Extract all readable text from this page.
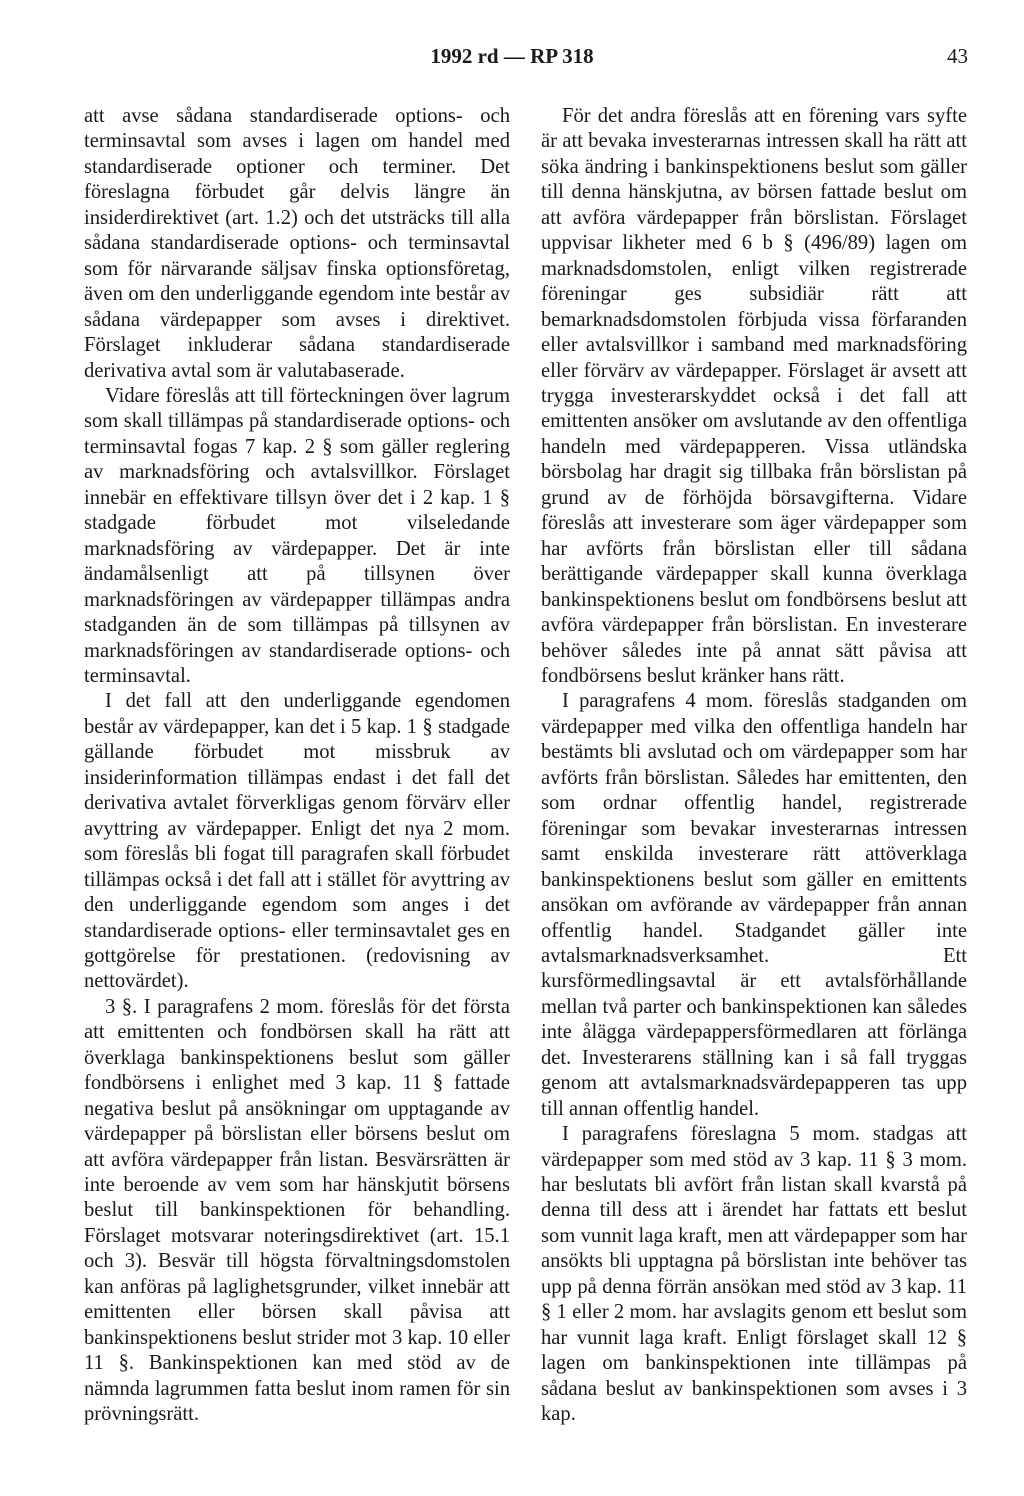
1992 rd — RP 318	43

att avse sådana standardiserade options- och terminsavtal som avses i lagen om handel med standardiserade optioner och terminer. Det föreslagna förbudet går delvis längre än insiderdirektivet (art. 1.2) och det utsträcks till alla sådana standardiserade options- och terminsavtal som för närvarande säljsav finska optionsföretag, även om den underliggande egendom inte består av sådana värdepapper som avses i direktivet. Förslaget inkluderar sådana standardiserade derivativa avtal som är valutabaserade.

Vidare föreslås att till förteckningen över lagrum som skall tillämpas på standardiserade options- och terminsavtal fogas 7 kap. 2 § som gäller reglering av marknadsföring och avtalsvillkor. Förslaget innebär en effektivare tillsyn över det i 2 kap. 1 § stadgade förbudet mot vilseledande marknadsföring av värdepapper. Det är inte ändamålsenligt att på tillsynen över marknadsföringen av värdepapper tillämpas andra stadganden än de som tillämpas på tillsynen av marknadsföringen av standardiserade options- och terminsavtal.

I det fall att den underliggande egendomen består av värdepapper, kan det i 5 kap. 1 § stadgade gällande förbudet mot missbruk av insiderinformation tillämpas endast i det fall det derivativa avtalet förverkligas genom förvärv eller avyttring av värdepapper. Enligt det nya 2 mom. som föreslås bli fogat till paragrafen skall förbudet tillämpas också i det fall att i stället för avyttring av den underliggande egendom som anges i det standardiserade options- eller terminsavtalet ges en gottgörelse för prestationen. (redovisning av nettovärdet).

3 §. I paragrafens 2 mom. föreslås för det första att emittenten och fondbörsen skall ha rätt att överklaga bankinspektionens beslut som gäller fondbörsens i enlighet med 3 kap. 11 § fattade negativa beslut på ansökningar om upptagande av värdepapper på börslistan eller börsens beslut om att avföra värdepapper från listan. Besvärsrätten är inte beroende av vem som har hänskjutit börsens beslut till bankinspektionen för behandling. Förslaget motsvarar noteringsdirektivet (art. 15.1 och 3). Besvär till högsta förvaltningsdomstolen kan anföras på laglighetsgrunder, vilket innebär att emittenten eller börsen skall påvisa att bankinspektionens beslut strider mot 3 kap. 10 eller 11 §. Bankinspektionen kan med stöd av de nämnda lagrummen fatta beslut inom ramen för sin prövningsrätt.

För det andra föreslås att en förening vars syfte är att bevaka investerarnas intressen skall ha rätt att söka ändring i bankinspektionens beslut som gäller till denna hänskjutna, av börsen fattade beslut om att avföra värdepapper från börslistan. Förslaget uppvisar likheter med 6 b § (496/89) lagen om marknadsdomstolen, enligt vilken registrerade föreningar ges subsidiär rätt att bemarknadsdomstolen förbjuda vissa förfaranden eller avtalsvillkor i samband med marknadsföring eller förvärv av värdepapper. Förslaget är avsett att trygga investerarskyddet också i det fall att emittenten ansöker om avslutande av den offentliga handeln med värdepapperen. Vissa utländska börsbolag har dragit sig tillbaka från börslistan på grund av de förhöjda börsavgifterna. Vidare föreslås att investerare som äger värdepapper som har avförts från börslistan eller till sådana berättigande värdepapper skall kunna överklaga bankinspektionens beslut om fondbörsens beslut att avföra värdepapper från börslistan. En investerare behöver således inte på annat sätt påvisa att fondbörsens beslut kränker hans rätt.

I paragrafens 4 mom. föreslås stadganden om värdepapper med vilka den offentliga handeln har bestämts bli avslutad och om värdepapper som har avförts från börslistan. Således har emittenten, den som ordnar offentlig handel, registrerade föreningar som bevakar investerarnas intressen samt enskilda investerare rätt attöverklaga bankinspektionens beslut som gäller en emittents ansökan om avförande av värdepapper från annan offentlig handel. Stadgandet gäller inte avtalsmarknadsverksamhet. Ett kursförmedlingsavtal är ett avtalsförhållande mellan två parter och bankinspektionen kan således inte ålägga värdepappersförmedlaren att förlänga det. Investerarens ställning kan i så fall tryggas genom att avtalsmarknadsvärdepapperen tas upp till annan offentlig handel.

I paragrafens föreslagna 5 mom. stadgas att värdepapper som med stöd av 3 kap. 11 § 3 mom. har beslutats bli avfört från listan skall kvarstå på denna till dess att i ärendet har fattats ett beslut som vunnit laga kraft, men att värdepapper som har ansökts bli upptagna på börslistan inte behöver tas upp på denna förrän ansökan med stöd av 3 kap. 11 § 1 eller 2 mom. har avslagits genom ett beslut som har vunnit laga kraft. Enligt förslaget skall 12 § lagen om bankinspektionen inte tillämpas på sådana beslut av bankinspektionen som avses i 3 kap.
